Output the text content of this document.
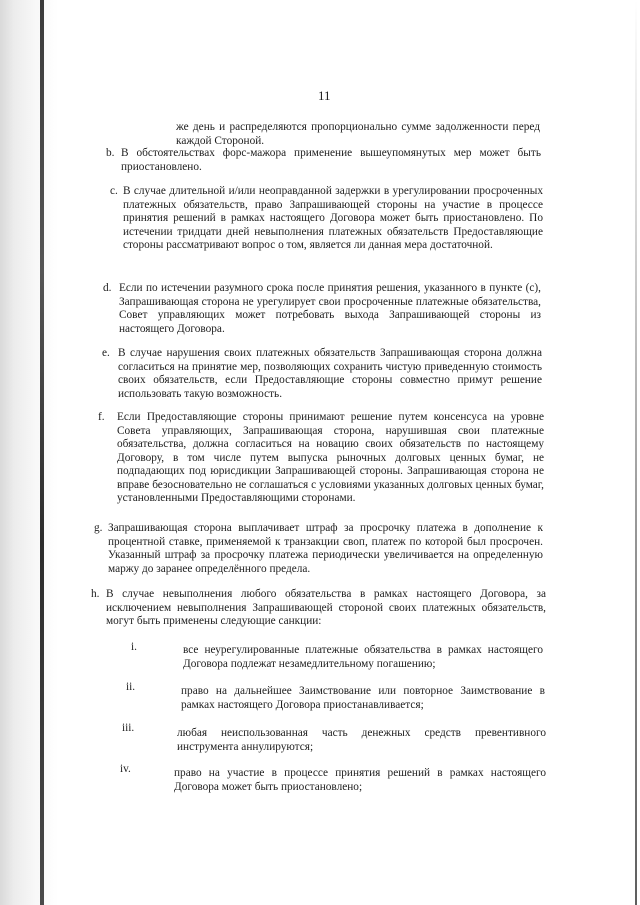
11

же день и распределяются пропорционально сумме задолженности перед каждой Стороной.

b. В обстоятельствах форс-мажора применение вышеупомянутых мер может быть приостановлено.

c. В случае длительной и/или неоправданной задержки в урегулировании просроченных платежных обязательств, право Запрашивающей стороны на участие в процессе принятия решений в рамках настоящего Договора может быть приостановлено. По истечении тридцати дней невыполнения платежных обязательств Предоставляющие стороны рассматривают вопрос о том, является ли данная мера достаточной.

d. Если по истечении разумного срока после принятия решения, указанного в пункте (с), Запрашивающая сторона не урегулирует свои просроченные платежные обязательства, Совет управляющих может потребовать выхода Запрашивающей стороны из настоящего Договора.

e. В случае нарушения своих платежных обязательств Запрашивающая сторона должна согласиться на принятие мер, позволяющих сохранить чистую приведенную стоимость своих обязательств, если Предоставляющие стороны совместно примут решение использовать такую возможность.

f. Если Предоставляющие стороны принимают решение путем консенсуса на уровне Совета управляющих, Запрашивающая сторона, нарушившая свои платежные обязательства, должна согласиться на новацию своих обязательств по настоящему Договору, в том числе путем выпуска рыночных долговых ценных бумаг, не подпадающих под юрисдикции Запрашивающей стороны. Запрашивающая сторона не вправе безосновательно не соглашаться с условиями указанных долговых ценных бумаг, установленными Предоставляющими сторонами.

g. Запрашивающая сторона выплачивает штраф за просрочку платежа в дополнение к процентной ставке, применяемой к транзакции своп, платеж по которой был просрочен. Указанный штраф за просрочку платежа периодически увеличивается на определенную маржу до заранее определённого предела.

h. В случае невыполнения любого обязательства в рамках настоящего Договора, за исключением невыполнения Запрашивающей стороной своих платежных обязательств, могут быть применены следующие санкции:

i.	все неурегулированные платежные обязательства в рамках настоящего Договора подлежат незамедлительному погашению;

ii.	право на дальнейшее Заимствование или повторное Заимствование в рамках настоящего Договора приостанавливается;

iii.	любая неиспользованная часть денежных средств превентивного инструмента аннулируются;

iv.	право на участие в процессе принятия решений в рамках настоящего Договора может быть приостановлено;
